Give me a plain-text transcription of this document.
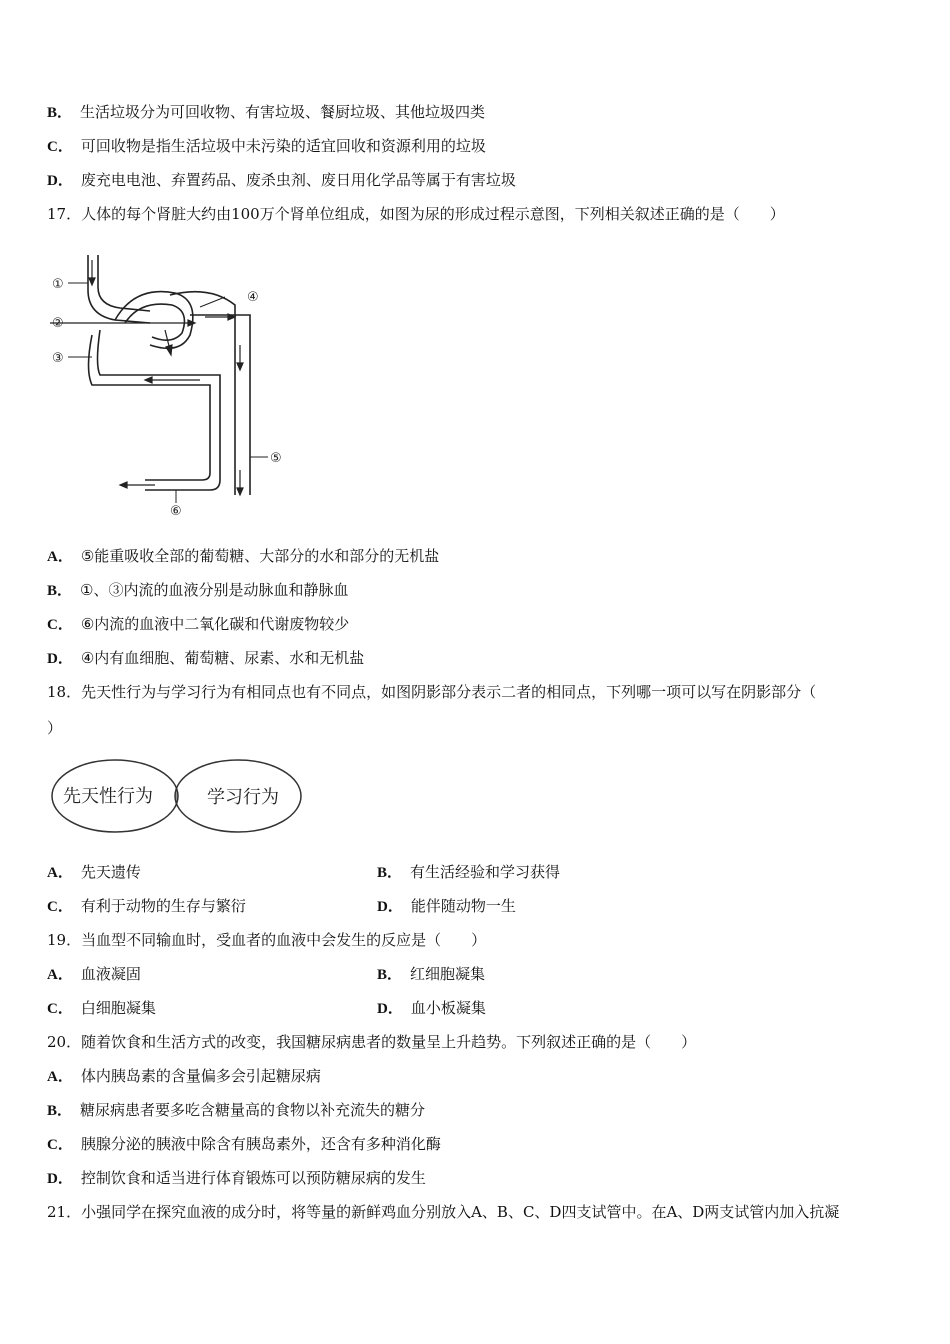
B． 生活垃圾分为可回收物、有害垃圾、餐厨垃圾、其他垃圾四类
C． 可回收物是指生活垃圾中未污染的适宜回收和资源利用的垃圾
D． 废充电电池、弃置药品、废杀虫剂、废日用化学品等属于有害垃圾
17．人体的每个肾脏大约由100万个肾单位组成，如图为尿的形成过程示意图，下列相关叙述正确的是（　　）
①
②
③
④
⑤
⑥
A． ⑤能重吸收全部的葡萄糖、大部分的水和部分的无机盐
B． ①、③内流的血液分别是动脉血和静脉血
C． ⑥内流的血液中二氧化碳和代谢废物较少
D． ④内有血细胞、葡萄糖、尿素、水和无机盐
18．先天性行为与学习行为有相同点也有不同点，如图阴影部分表示二者的相同点，下列哪一项可以写在阴影部分（
）
先天性行为	学习行为
A． 先天遗传	B． 有生活经验和学习获得
C． 有利于动物的生存与繁衍	D． 能伴随动物一生
19．当血型不同输血时，受血者的血液中会发生的反应是（　　）
A． 血液凝固	B． 红细胞凝集
C． 白细胞凝集	D． 血小板凝集
20．随着饮食和生活方式的改变，我国糖尿病患者的数量呈上升趋势。下列叙述正确的是（　　）
A． 体内胰岛素的含量偏多会引起糖尿病
B． 糖尿病患者要多吃含糖量高的食物以补充流失的糖分
C． 胰腺分泌的胰液中除含有胰岛素外，还含有多种消化酶
D． 控制饮食和适当进行体育锻炼可以预防糖尿病的发生
21．小强同学在探究血液的成分时，将等量的新鲜鸡血分别放入A、B、C、D四支试管中。在A、D两支试管内加入抗凝
